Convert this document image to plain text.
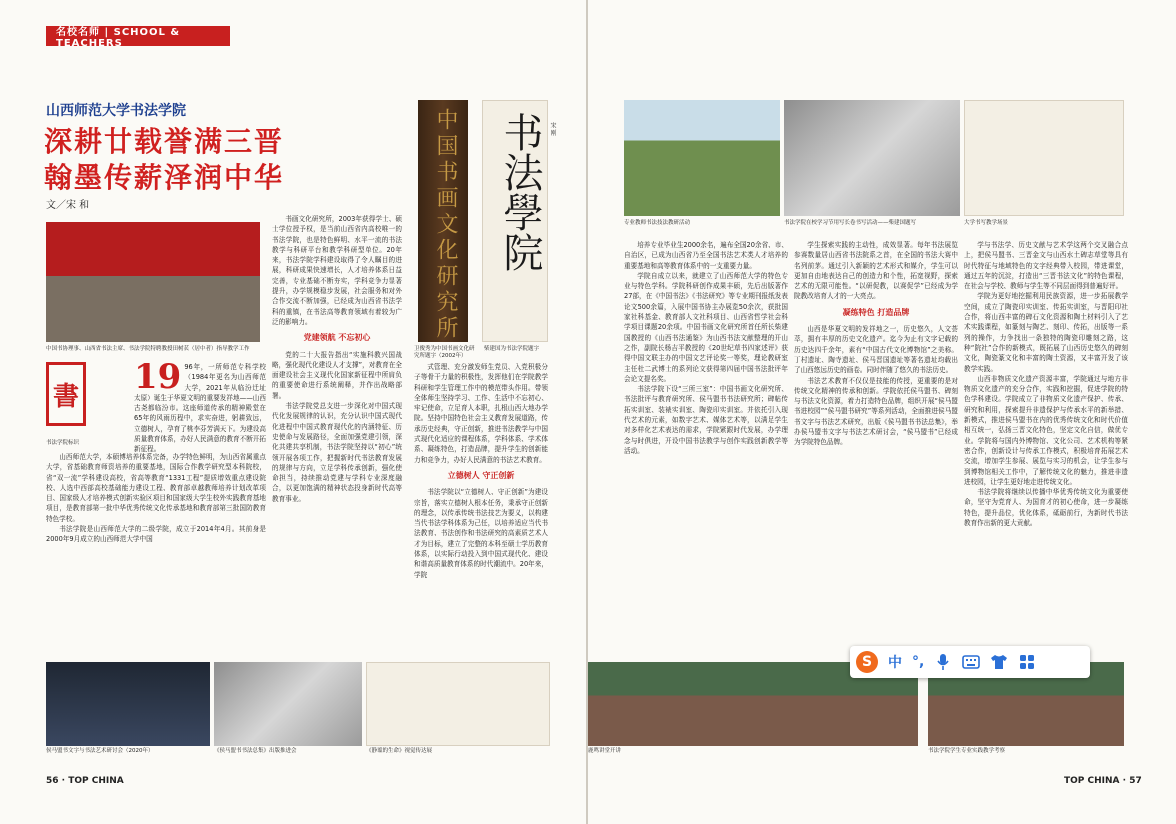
名校名师 | SCHOOL & TEACHERS
山西师范大学书法学院
深耕廿载誉满三晋
翰墨传薪泽润中华
文／宋 和
中国书协理事、山西省书法主席、书法学院特聘教授田树苌（居中者）指导教学工作
書
书法学院标识
中国书画文化研究所
卫俊秀为中国书画文化研究所题字（2002年）
书法學院	宋 刚
柴建国为书法学院题字
19 96年，一所师范专科学校（1984年更名为山西师范大学，2021年从临汾迁址太原）诞生于华夏文明的重要发祥地——山西古尧都临汾市。这座师道传承的精神殿堂在65年的风雨历程中，求实奋进，躬耕致远，立德树人，孕育了桃李芬芳满天下。为建设高质量教育体系，办好人民满意的教育不断开拓新征程。

山西师范大学，本硕博培养体系完备，办学特色鲜明，为山西省属重点大学，省基础教育师资培养的重要基地，国际合作教学研究型本科院校，省“双一流”学科建设高校，省高等教育“1331工程”提质增效重点建设院校、人选中西部高校基础能力建设工程、教育部卓越教师培养计划改革项目、国家级人才培养模式创新实验区项目和国家级大学生校外实践教育基地项目，是教育部第一批中华优秀传统文化传承基地和教育部第三批国防教育特色学校。

书法学院是山西师范大学的二级学院，成立于2014年4月。其前身是2000年9月成立的山西师范大学中国

书画文化研究所，2003年获得学士、硕士学位授予权，是当前山西省内高校唯一的书法学院，也是特色鲜明、水平一流的书法教学与科研平台和教学科研型单位。20年来，书法学院学科建设取得了令人瞩目的进展，科研成果快速增长，人才培养体系日益完善，专业基础不断夯实，学科竞争力显著提升，办学规模稳步发展，社会服务和对外合作交流不断加强，已经成为山西省书法学科的重镇，在书法高等教育领域有着较为广泛的影响力。

党建领航 不忘初心

党的二十大报告指出“实施科教兴国战略，强化现代化建设人才支撑”，对教育在全面建设社会主义现代化国家新征程中所肩负的重要使命进行系统阐释，并作出战略部署。

书法学院党总支进一步深化对中国式现代化发展规律的认识，充分认识中国式现代化进程中中国式教育现代化的内涵特征、历史使命与发展路径，全面加强党建引领，深化共建共享机制，书法学院坚持以“初心”统领开展各项工作，把握新时代书法教育发展的规律与方向，立足学科传承创新，强化使命担当，持续推动党建与学科专业深度融合，以更加饱满的精神状态投身新时代高等教育事业。

式管理、充分激发师生党员、入党积极分子等骨干力量的积极性，发挥他们在学院教学科研和学生管理工作中的模范带头作用。带领全体师生坚持学习、工作、生活中不忘初心、牢记使命，立足育人本职，扎根山西大地办学院。坚持中国特色社会主义教育发展道路，传承历史经典，守正创新，推进书法教学与中国式现代化适应的课程体系，学科体系、学术体系、凝练特色，打造品牌，提升学生的创新能力和竞争力，办好人民满意的书法艺术教育。

立德树人 守正创新

书法学院以“立德树人、守正创新”为建设宗旨，落实立德树人根本任务，秉承守正创新的理念，以传承传统书法技艺为要义，以构建当代书法学科体系为己任，以培养适应当代书法教育、书法创作和书法研究的高素质艺术人才为目标，建立了完整的本科至硕士学历教育体系，以实际行动投入到中国式现代化、建设和谐高质量教育体系的时代潮流中。20年来，学院

侯马盟书文字与书法艺术研讨会（2020年）	《侯马盟书书法总集》出版推进会	《静谧的生命》视觉传达展
56 · TOP CHINA
专业教师书法技法教研活动	书法学院在校学习节用写长卷书写活动——柴建国题写	大学书写教学场景

培养专业毕业生2000余名，遍布全国20余省、市、自治区，已成为山西省乃至全国书法艺术类人才培养的重要基地和高等教育体系中的一支重要力量。

学院自成立以来，就建立了山西师范大学的特色专业与特色学科。学院科研创作成果丰硕，先后出版著作27部，在《中国书法》《书法研究》等专业期刊报纸发表论文500余篇，入展中国书协主办展览50余次，获批国家社科基金、教育部人文社科项目、山西省哲学社会科学项目课题20余项。中国书画文化研究所首任所长柴建国教授的《山西书法通鉴》为山西书法文献整理的开山之作，副院长杨吉平教授的《20世纪草书四家述评》获得中国文联主办的中国文艺评论奖一等奖，理论教研室主任杜二武博士的系列论文获得第四届中国书法批评年会论文提名奖。

书法学院下设“三所三室”：中国书画文化研究所、书法批评与教育研究所、侯马盟书书法研究所；碑帖传拓实训室、装裱实训室、陶瓷印实训室。并依托引入现代艺术的元素，如数字艺术、媒体艺术等，以满足学生对多样化艺术表达的需求，学院紧跟时代发展，办学理念与时俱进，开设中国书法教学与创作实践创新教学等活动。

学生探索实践的主动性，成效显著。每年书法展览参赛数量居山西省书法院系之首，在全国的书法大赛中名列前茅。通过引入新颖的艺术形式和媒介，学生可以更加自由地表达自己的创造力和个性，拓宽视野，探索艺术的无限可能性。“以研促教，以赛促学”已经成为学院教改培育人才的一大亮点。

凝练特色 打造品牌

山西是华夏文明的发祥地之一，历史悠久，人文荟萃，拥有丰厚的历史文化遗产。迄今为止有文字记载的历史达四千余年，素有“中国古代文化博物馆”之美称。丁村遗址、陶寺遗址、侯马晋国遗址等著名遗址均载出了山西悠远历史的画卷。同时伴随了悠久的书法历史。

书法艺术教育不仅仅是技能的传授，更重要的是对传统文化精神的传承和创新。学院依托侯马盟书、碑刻与书法文化资源，着力打造特色品牌，组织开展“侯马盟书进校园”“侯马盟书研究”等系列活动，全面推进侯马盟书文字与书法艺术研究，出版《侯马盟书书法总集》，举办侯马盟书文字与书法艺术研讨会，“侯马盟书”已经成为学院特色品牌。

学与书法学、历史文献与艺术学这两个交叉融合点上，把侯马盟书、三晋金文与山西水土碑志草堂等具有时代特征与地域特色的文字经典带入校园，带进课堂，通过五年的沉淀，打造出“三晋书法文化”的特色课程，在社会与学校、教师与学生等不同层面得到普遍好评。

学院为更好地挖掘利用民族资源，进一步拓展教学空间，成立了陶瓷印实训室、传拓实训室，与晋阳印社合作，将山西丰富的碑石文化资源和陶土材料引入了艺术实践课程，如篆刻与陶艺、刻印、传拓，出版等一系列的操作，力争找出一条独特的陶瓷印雕刻之路，这种“院社”合作的新模式，既拓展了山西历史悠久的碑刻文化，陶瓷篆文化和丰富的陶土资源，又丰富开发了该教学实践。

山西非物质文化遗产资源丰富，学院通过与地方非物质文化遗产的充分合作，实践和挖掘，促进学院的特色学科建设。学院成立了非物质文化遗产保护、传承、研究和利用，探索提升非遗保护与传承水平的新举措、新模式，推进侯马盟书在内的优秀传统文化和时代价值相互统一，弘扬三晋文化特色，坚定文化自信，做优专业。学院将与国内外博物馆、文化公司、艺术机构等紧密合作，创新设计与传承工作模式，积极培育拓展艺术交流，增加学生参展、展览与实习的机会，让学生参与到博物馆相关工作中，了解传统文化的魅力，推进非遗进校园，让学生更好地走进传统文化。

书法学院将继续以传播中华优秀传统文化为重要使命，坚守为党育人、为国育才的初心使命，进一步凝练特色，提升品位，优化体系，砥砺前行，为新时代书法教育作出新的更大贡献。

鹿鸣讲堂开讲	书法学院学生专业实践教学考察
TOP CHINA · 57
S	中 °,
